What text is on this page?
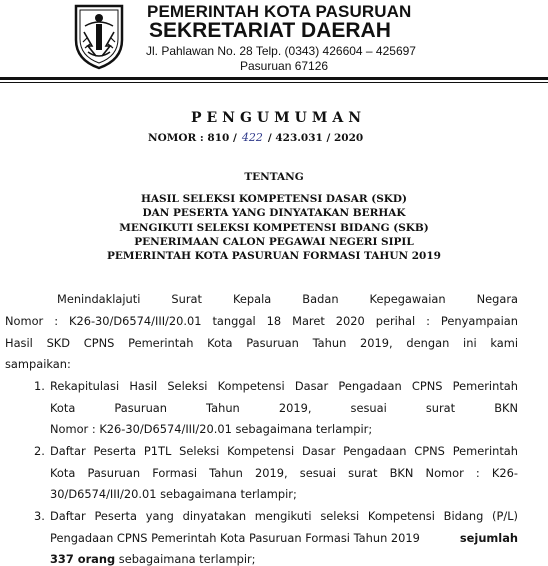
PEMERINTAH KOTA PASURUAN
SEKRETARIAT DAERAH
Jl. Pahlawan No. 28 Telp. (0343) 426604 – 425697
Pasuruan 67126
PENGUMUMAN
NOMOR : 810 / 422 / 423.031 / 2020
TENTANG
HASIL SELEKSI KOMPETENSI DASAR (SKD)
DAN PESERTA YANG DINYATAKAN BERHAK
MENGIKUTI SELEKSI KOMPETENSI BIDANG (SKB)
PENERIMAAN CALON PEGAWAI NEGERI SIPIL
PEMERINTAH KOTA PASURUAN FORMASI TAHUN 2019
Menindaklajuti Surat Kepala Badan Kepegawaian Negara
Nomor : K26-30/D6574/III/20.01 tanggal 18 Maret 2020 perihal : Penyampaian
Hasil SKD CPNS Pemerintah Kota Pasuruan Tahun 2019, dengan ini kami
sampaikan:
1. Rekapitulasi Hasil Seleksi Kompetensi Dasar Pengadaan CPNS Pemerintah
Kota Pasuruan Tahun 2019, sesuai surat BKN
Nomor : K26-30/D6574/III/20.01 sebagaimana terlampir;
2. Daftar Peserta P1TL Seleksi Kompetensi Dasar Pengadaan CPNS Pemerintah
Kota Pasuruan Formasi Tahun 2019, sesuai surat BKN Nomor : K26-
30/D6574/III/20.01 sebagaimana terlampir;
3. Daftar Peserta yang dinyatakan mengikuti seleksi Kompetensi Bidang (P/L)
Pengadaan CPNS Pemerintah Kota Pasuruan Formasi Tahun 2019	sejumlah
337 orang sebagaimana terlampir;
